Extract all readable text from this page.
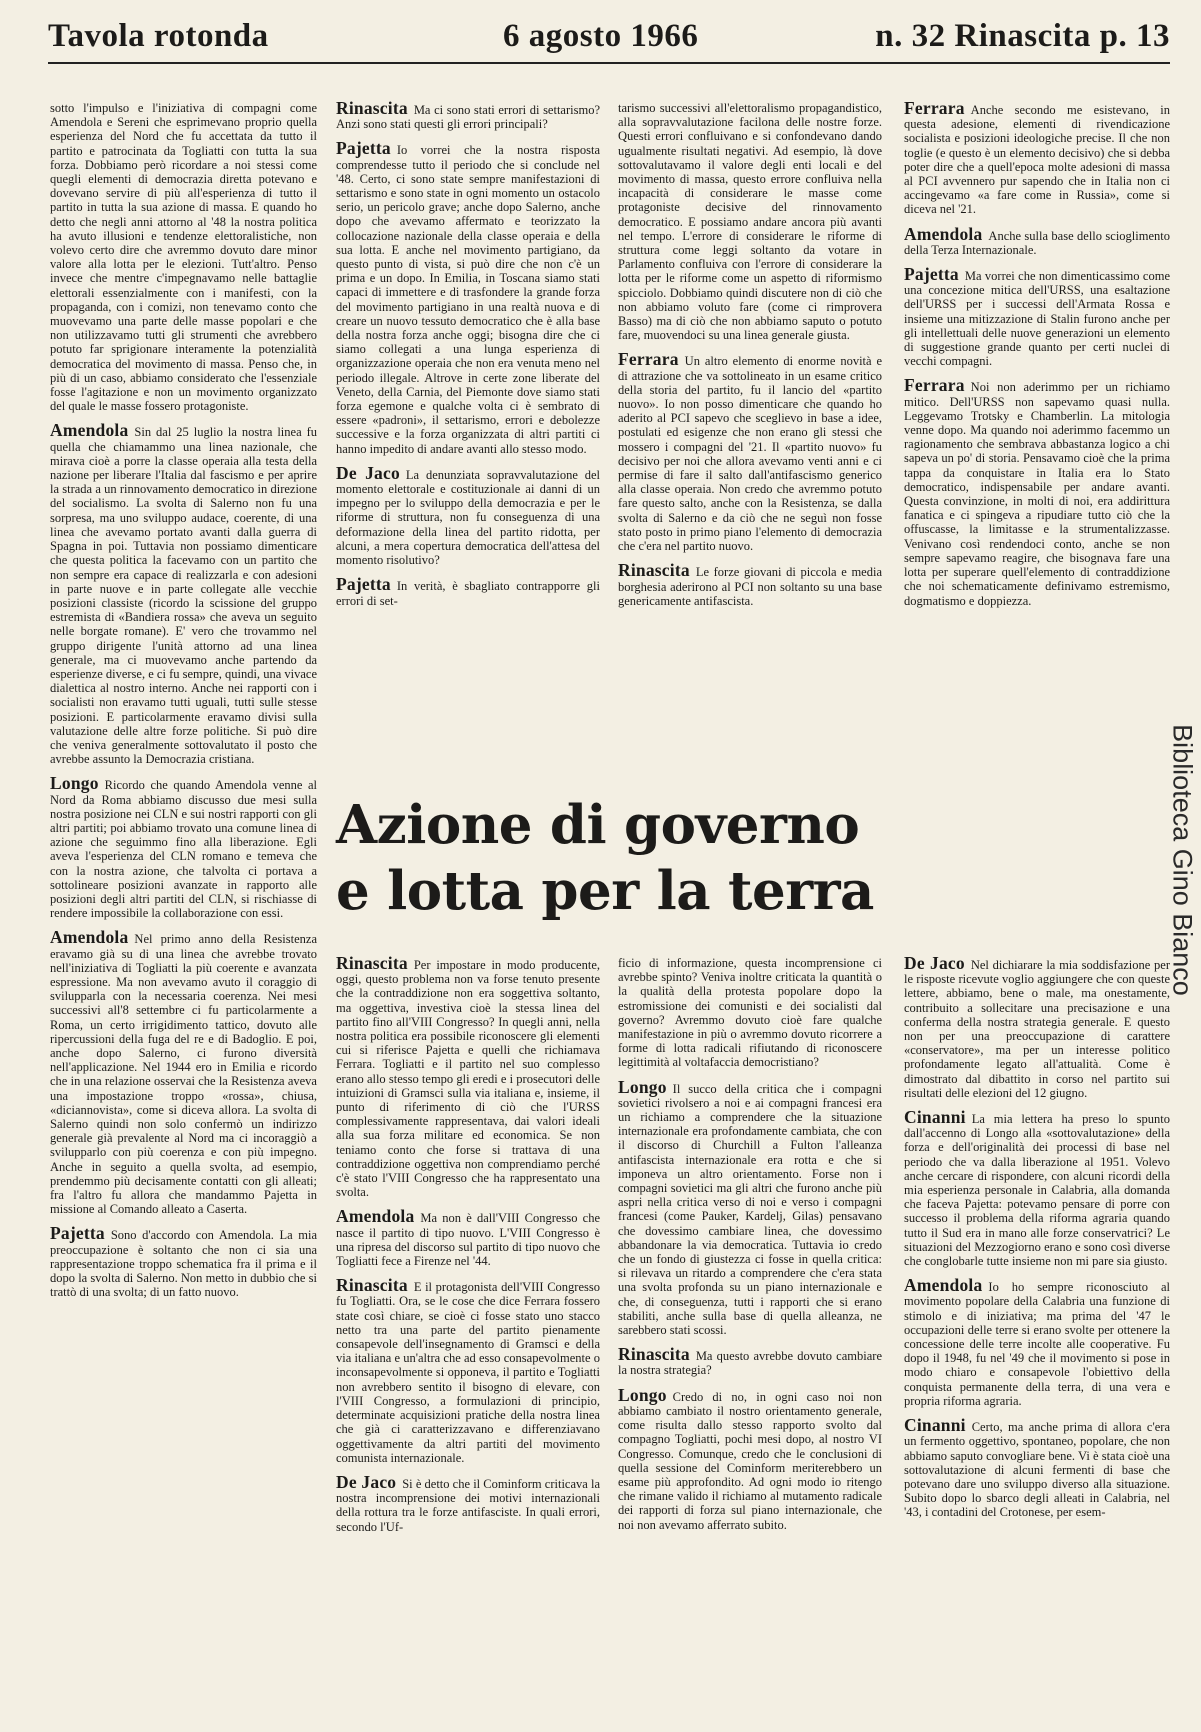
Tavola rotonda	6 agosto 1966	n. 32 Rinascita p. 13

sotto l'impulso e l'iniziativa di compagni come Amendola e Sereni che esprimevano proprio quella esperienza del Nord che fu accettata da tutto il partito e patrocinata da Togliatti con tutta la sua forza. Dobbiamo però ricordare a noi stessi come quegli elementi di democrazia diretta potevano e dovevano servire di più all'esperienza di tutto il partito in tutta la sua azione di massa. E quando ho detto che negli anni attorno al '48 la nostra politica ha avuto illusioni e tendenze elettoralistiche, non volevo certo dire che avremmo dovuto dare minor valore alla lotta per le elezioni. Tutt'altro. Penso invece che mentre c'impegnavamo nelle battaglie elettorali essenzialmente con i manifesti, con la propaganda, con i comizi, non tenevamo conto che muovevamo una parte delle masse popolari e che non utilizzavamo tutti gli strumenti che avrebbero potuto far sprigionare interamente la potenzialità democratica del movimento di massa. Penso che, in più di un caso, abbiamo considerato che l'essenziale fosse l'agitazione e non un movimento organizzato del quale le masse fossero protagoniste.

Amendola Sin dal 25 luglio la nostra linea fu quella che chiamammo una linea nazionale, che mirava cioè a porre la classe operaia alla testa della nazione per liberare l'Italia dal fascismo e per aprire la strada a un rinnovamento democratico in direzione del socialismo. La svolta di Salerno non fu una sorpresa, ma uno sviluppo audace, coerente, di una linea che avevamo portato avanti dalla guerra di Spagna in poi. Tuttavia non possiamo dimenticare che questa politica la facevamo con un partito che non sempre era capace di realizzarla e con adesioni in parte nuove e in parte collegate alle vecchie posizioni classiste (ricordo la scissione del gruppo estremista di «Bandiera rossa» che aveva un seguito nelle borgate romane). E' vero che trovammo nel gruppo dirigente l'unità attorno ad una linea generale, ma ci muovevamo anche partendo da esperienze diverse, e ci fu sempre, quindi, una vivace dialettica al nostro interno. Anche nei rapporti con i socialisti non eravamo tutti uguali, tutti sulle stesse posizioni. E particolarmente eravamo divisi sulla valutazione delle altre forze politiche. Si può dire che veniva generalmente sottovalutato il posto che avrebbe assunto la Democrazia cristiana.

Longo Ricordo che quando Amendola venne al Nord da Roma abbiamo discusso due mesi sulla nostra posizione nei CLN e sui nostri rapporti con gli altri partiti; poi abbiamo trovato una comune linea di azione che seguimmo fino alla liberazione. Egli aveva l'esperienza del CLN romano e temeva che con la nostra azione, che talvolta ci portava a sottolineare posizioni avanzate in rapporto alle posizioni degli altri partiti del CLN, si rischiasse di rendere impossibile la collaborazione con essi.

Amendola Nel primo anno della Resistenza eravamo già su di una linea che avrebbe trovato nell'iniziativa di Togliatti la più coerente e avanzata espressione. Ma non avevamo avuto il coraggio di svilupparla con la necessaria coerenza. Nei mesi successivi all'8 settembre ci fu particolarmente a Roma, un certo irrigidimento tattico, dovuto alle ripercussioni della fuga del re e di Badoglio. E poi, anche dopo Salerno, ci furono diversità nell'applicazione. Nel 1944 ero in Emilia e ricordo che in una relazione osservai che la Resistenza aveva una impostazione troppo «rossa», chiusa, «diciannovista», come si diceva allora. La svolta di Salerno quindi non solo confermò un indirizzo generale già prevalente al Nord ma ci incoraggiò a svilupparlo con più coerenza e con più impegno. Anche in seguito a quella svolta, ad esempio, prendemmo più decisamente contatti con gli alleati; fra l'altro fu allora che mandammo Pajetta in missione al Comando alleato a Caserta.

Pajetta Sono d'accordo con Amendola. La mia preoccupazione è soltanto che non ci sia una rappresentazione troppo schematica fra il prima e il dopo la svolta di Salerno. Non metto in dubbio che si trattò di una svolta; di un fatto nuovo.

Rinascita Ma ci sono stati errori di settarismo? Anzi sono stati questi gli errori principali?

Pajetta Io vorrei che la nostra risposta comprendesse tutto il periodo che si conclude nel '48. Certo, ci sono state sempre manifestazioni di settarismo e sono state in ogni momento un ostacolo serio, un pericolo grave; anche dopo Salerno, anche dopo che avevamo affermato e teorizzato la collocazione nazionale della classe operaia e della sua lotta. E anche nel movimento partigiano, da questo punto di vista, si può dire che non c'è un prima e un dopo. In Emilia, in Toscana siamo stati capaci di immettere e di trasfondere la grande forza del movimento partigiano in una realtà nuova e di creare un nuovo tessuto democratico che è alla base della nostra forza anche oggi; bisogna dire che ci siamo collegati a una lunga esperienza di organizzazione operaia che non era venuta meno nel periodo illegale. Altrove in certe zone liberate del Veneto, della Carnia, del Piemonte dove siamo stati forza egemone e qualche volta ci è sembrato di essere «padroni», il settarismo, errori e debolezze successive e la forza organizzata di altri partiti ci hanno impedito di andare avanti allo stesso modo.

De Jaco La denunziata sopravvalutazione del momento elettorale e costituzionale ai danni di un impegno per lo sviluppo della democrazia e per le riforme di struttura, non fu conseguenza di una deformazione della linea del partito ridotta, per alcuni, a mera copertura democratica dell'attesa del momento risolutivo?

Pajetta In verità, è sbagliato contrapporre gli errori di set-

tarismo successivi all'elettoralismo propagandistico, alla sopravvalutazione facilona delle nostre forze. Questi errori confluivano e si confondevano dando ugualmente risultati negativi. Ad esempio, là dove sottovalutavamo il valore degli enti locali e del movimento di massa, questo errore confluiva nella incapacità di considerare le masse come protagoniste decisive del rinnovamento democratico. E possiamo andare ancora più avanti nel tempo. L'errore di considerare le riforme di struttura come leggi soltanto da votare in Parlamento confluiva con l'errore di considerare la lotta per le riforme come un aspetto di riformismo spicciolo. Dobbiamo quindi discutere non di ciò che non abbiamo voluto fare (come ci rimprovera Basso) ma di ciò che non abbiamo saputo o potuto fare, muovendoci su una linea generale giusta.

Ferrara Un altro elemento di enorme novità e di attrazione che va sottolineato in un esame critico della storia del partito, fu il lancio del «partito nuovo». Io non posso dimenticare che quando ho aderito al PCI sapevo che sceglievo in base a idee, postulati ed esigenze che non erano gli stessi che mossero i compagni del '21. Il «partito nuovo» fu decisivo per noi che allora avevamo venti anni e ci permise di fare il salto dall'antifascismo generico alla classe operaia. Non credo che avremmo potuto fare questo salto, anche con la Resistenza, se dalla svolta di Salerno e da ciò che ne seguì non fosse stato posto in primo piano l'elemento di democrazia che c'era nel partito nuovo.

Rinascita Le forze giovani di piccola e media borghesia aderirono al PCI non soltanto su una base genericamente antifascista.

Ferrara Anche secondo me esistevano, in questa adesione, elementi di rivendicazione socialista e posizioni ideologiche precise. Il che non toglie (e questo è un elemento decisivo) che si debba poter dire che a quell'epoca molte adesioni di massa al PCI avvennero pur sapendo che in Italia non ci accingevamo «a fare come in Russia», come si diceva nel '21.

Amendola Anche sulla base dello scioglimento della Terza Internazionale.

Pajetta Ma vorrei che non dimenticassimo come una concezione mitica dell'URSS, una esaltazione dell'URSS per i successi dell'Armata Rossa e insieme una mitizzazione di Stalin furono anche per gli intellettuali delle nuove generazioni un elemento di suggestione grande quanto per certi nuclei di vecchi compagni.

Ferrara Noi non aderimmo per un richiamo mitico. Dell'URSS non sapevamo quasi nulla. Leggevamo Trotsky e Chamberlin. La mitologia venne dopo. Ma quando noi aderimmo facemmo un ragionamento che sembrava abbastanza logico a chi sapeva un po' di storia. Pensavamo cioè che la prima tappa da conquistare in Italia era lo Stato democratico, indispensabile per andare avanti. Questa convinzione, in molti di noi, era addirittura fanatica e ci spingeva a ripudiare tutto ciò che la offuscasse, la limitasse e la strumentalizzasse. Venivano così rendendoci conto, anche se non sempre sapevamo reagire, che bisognava fare una lotta per superare quell'elemento di contraddizione che noi schematicamente definivamo estremismo, dogmatismo e doppiezza.

Azione di governo
e lotta per la terra

Rinascita Per impostare in modo producente, oggi, questo problema non va forse tenuto presente che la contraddizione non era soggettiva soltanto, ma oggettiva, investiva cioè la stessa linea del partito fino all'VIII Congresso? In quegli anni, nella nostra politica era possibile riconoscere gli elementi cui si riferisce Pajetta e quelli che richiamava Ferrara. Togliatti e il partito nel suo complesso erano allo stesso tempo gli eredi e i prosecutori delle intuizioni di Gramsci sulla via italiana e, insieme, il punto di riferimento di ciò che l'URSS complessivamente rappresentava, dai valori ideali alla sua forza militare ed economica. Se non teniamo conto che forse si trattava di una contraddizione oggettiva non comprendiamo perché c'è stato l'VIII Congresso che ha rappresentato una svolta.

Amendola Ma non è dall'VIII Congresso che nasce il partito di tipo nuovo. L'VIII Congresso è una ripresa del discorso sul partito di tipo nuovo che Togliatti fece a Firenze nel '44.

Rinascita E il protagonista dell'VIII Congresso fu Togliatti. Ora, se le cose che dice Ferrara fossero state così chiare, se cioè ci fosse stato uno stacco netto tra una parte del partito pienamente consapevole dell'insegnamento di Gramsci e della via italiana e un'altra che ad esso consapevolmente o inconsapevolmente si opponeva, il partito e Togliatti non avrebbero sentito il bisogno di elevare, con l'VIII Congresso, a formulazioni di principio, determinate acquisizioni pratiche della nostra linea che già ci caratterizzavano e differenziavano oggettivamente da altri partiti del movimento comunista internazionale.

De Jaco Si è detto che il Cominform criticava la nostra incomprensione dei motivi internazionali della rottura tra le forze antifasciste. In quali errori, secondo l'Uf-

ficio di informazione, questa incomprensione ci avrebbe spinto? Veniva inoltre criticata la quantità o la qualità della protesta popolare dopo la estromissione dei comunisti e dei socialisti dal governo? Avremmo dovuto cioè fare qualche manifestazione in più o avremmo dovuto ricorrere a forme di lotta radicali rifiutando di riconoscere legittimità al voltafaccia democristiano?

Longo Il succo della critica che i compagni sovietici rivolsero a noi e ai compagni francesi era un richiamo a comprendere che la situazione internazionale era profondamente cambiata, che con il discorso di Churchill a Fulton l'alleanza antifascista internazionale era rotta e che si imponeva un altro orientamento. Forse non i compagni sovietici ma gli altri che furono anche più aspri nella critica verso di noi e verso i compagni francesi (come Pauker, Kardelj, Gilas) pensavano che dovessimo cambiare linea, che dovessimo abbandonare la via democratica. Tuttavia io credo che un fondo di giustezza ci fosse in quella critica: si rilevava un ritardo a comprendere che c'era stata una svolta profonda su un piano internazionale e che, di conseguenza, tutti i rapporti che si erano stabiliti, anche sulla base di quella alleanza, ne sarebbero stati scossi.

Rinascita Ma questo avrebbe dovuto cambiare la nostra strategia?

Longo Credo di no, in ogni caso noi non abbiamo cambiato il nostro orientamento generale, come risulta dallo stesso rapporto svolto dal compagno Togliatti, pochi mesi dopo, al nostro VI Congresso. Comunque, credo che le conclusioni di quella sessione del Cominform meriterebbero un esame più approfondito. Ad ogni modo io ritengo che rimane valido il richiamo al mutamento radicale dei rapporti di forza sul piano internazionale, che noi non avevamo afferrato subito.

De Jaco Nel dichiarare la mia soddisfazione per le risposte ricevute voglio aggiungere che con queste lettere, abbiamo, bene o male, ma onestamente, contribuito a sollecitare una precisazione e una conferma della nostra strategia generale. E questo non per una preoccupazione di carattere «conservatore», ma per un interesse politico profondamente legato all'attualità. Come è dimostrato dal dibattito in corso nel partito sui risultati delle elezioni del 12 giugno.

Cinanni La mia lettera ha preso lo spunto dall'accenno di Longo alla «sottovalutazione» della forza e dell'originalità dei processi di base nel periodo che va dalla liberazione al 1951. Volevo anche cercare di rispondere, con alcuni ricordi della mia esperienza personale in Calabria, alla domanda che faceva Pajetta: potevamo pensare di porre con successo il problema della riforma agraria quando tutto il Sud era in mano alle forze conservatrici? Le situazioni del Mezzogiorno erano e sono così diverse che conglobarle tutte insieme non mi pare sia giusto.

Amendola Io ho sempre riconosciuto al movimento popolare della Calabria una funzione di stimolo e di iniziativa; ma prima del '47 le occupazioni delle terre si erano svolte per ottenere la concessione delle terre incolte alle cooperative. Fu dopo il 1948, fu nel '49 che il movimento si pose in modo chiaro e consapevole l'obiettivo della conquista permanente della terra, di una vera e propria riforma agraria.

Cinanni Certo, ma anche prima di allora c'era un fermento oggettivo, spontaneo, popolare, che non abbiamo saputo convogliare bene. Vi è stata cioè una sottovalutazione di alcuni fermenti di base che potevano dare uno sviluppo diverso alla situazione. Subito dopo lo sbarco degli alleati in Calabria, nel '43, i contadini del Crotonese, per esem-

Biblioteca Gino Bianco
